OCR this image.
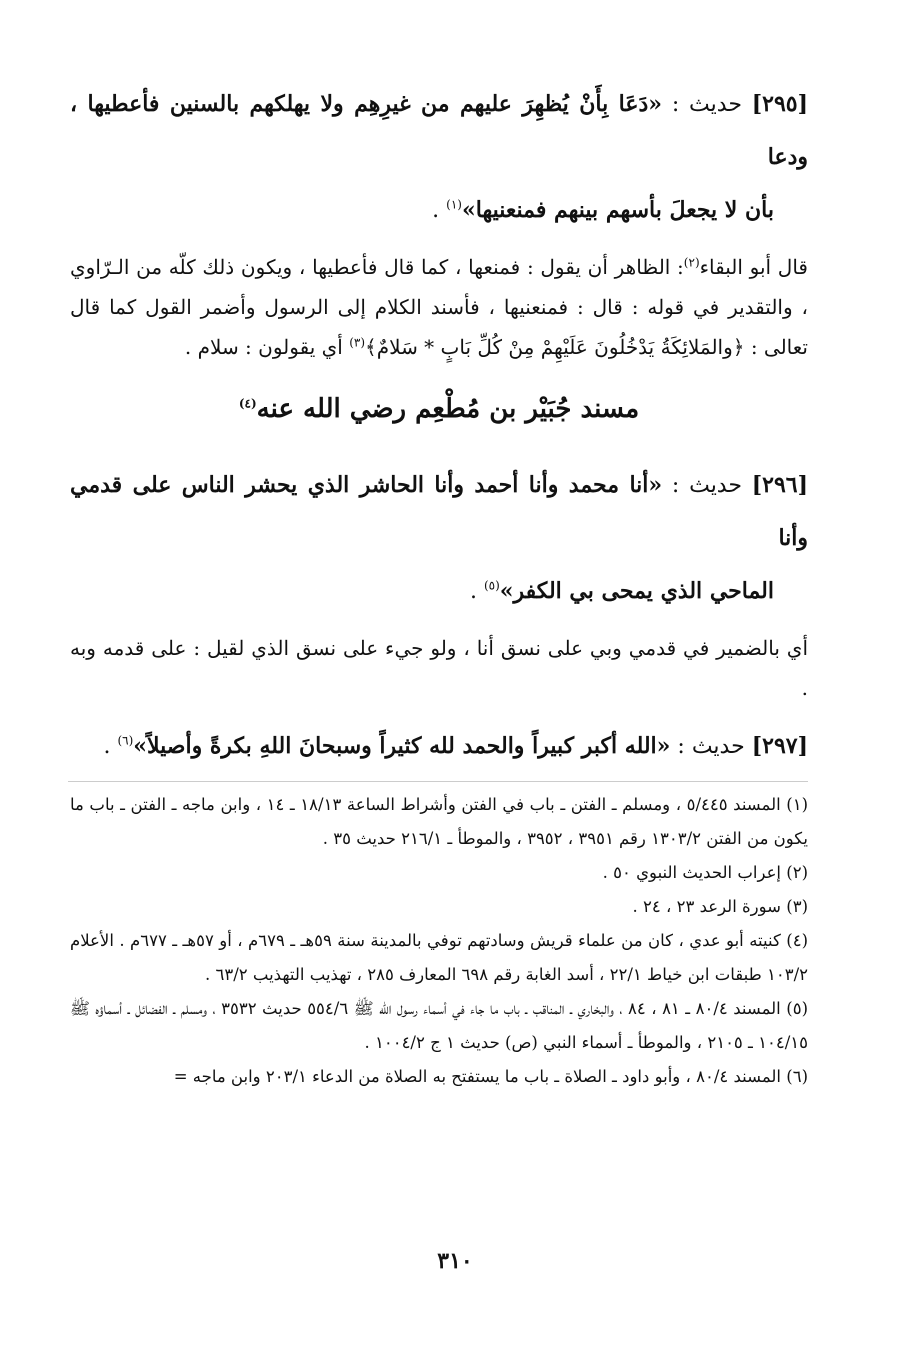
[٢٩٥] حديث : «دَعَا بِأَنْ يُظهِرَ عليهم من غيرِهِم ولا يهلكهم بالسنين فأعطيها ، ودعا
بأن لا يجعلَ بأسهم بينهم فمنعنيها»$^{(١)}$ .

قال أبو البقاء$^{(٢)}$: الظاهر أن يقول : فمنعها ، كما قال فأعطيها ، ويكون ذلك كلّه من الـرّاوي ، والتقدير في قوله : قال : فمنعنيها ، فأسند الكلام إلى الرسول وأضمر القول كما قال تعالى : ﴿والمَلائِكَةُ يَدْخُلُونَ عَلَيْهِمْ مِنْ كُلِّ بَابٍ * سَلامٌ﴾$^{(٣)}$ أي يقولون : سلام .

مسند جُبَيْر بن مُطْعِم رضي الله عنه$^{(٤)}$

[٢٩٦] حديث : «أنا محمد وأنا أحمد وأنا الحاشر الذي يحشر الناس على قدمي وأنا
الماحي الذي يمحى بي الكفر»$^{(٥)}$ .

أي بالضمير في قدمي وبي على نسق أنا ، ولو جيء على نسق الذي لقيل : على قدمه وبه .

[٢٩٧] حديث : «الله أكبر كبيراً والحمد لله كثيراً وسبحانَ اللهِ بكرةً وأصيلاً»$^{(٦)}$ .

(١) المسند ٥/٤٤٥ ، ومسلم ـ الفتن ـ باب في الفتن وأشراط الساعة ١٨/١٣ ـ ١٤ ، وابن ماجه ـ الفتن ـ باب ما يكون من الفتن ١٣٠٣/٢ رقم ٣٩٥١ ، ٣٩٥٢ ، والموطأ ـ ٢١٦/١ حديث ٣٥ .

(٢) إعراب الحديث النبوي ٥٠ .

(٣) سورة الرعد ٢٣ ، ٢٤ .

(٤) كنيته أبو عدي ، كان من علماء قريش وسادتهم توفي بالمدينة سنة ٥٩هـ ـ ٦٧٩م ، أو ٥٧هـ ـ ٦٧٧م . الأعلام ١٠٣/٢ طبقات ابن خياط ٢٢/١ ، أسد الغابة رقم ٦٩٨ المعارف ٢٨٥ ، تهذيب التهذيب ٦٣/٢ .

(٥) المسند ٨٠/٤ ـ ٨١ ، ٨٤ ، والبخاري ـ المناقب ـ باب ما جاء في أسماء رسول الله ﷺ ٥٥٤/٦ حديث ٣٥٣٢ ، ومسلم ـ الفضائل ـ أسماؤه ﷺ ١٠٤/١٥ ـ ٢١٠٥ ، والموطأ ـ أسماء النبي (ص) حديث ١ ج ١٠٠٤/٢ .

(٦) المسند ٨٠/٤ ، وأبو داود ـ الصلاة ـ باب ما يستفتح به الصلاة من الدعاء ٢٠٣/١ وابن ماجه =

٣١٠
